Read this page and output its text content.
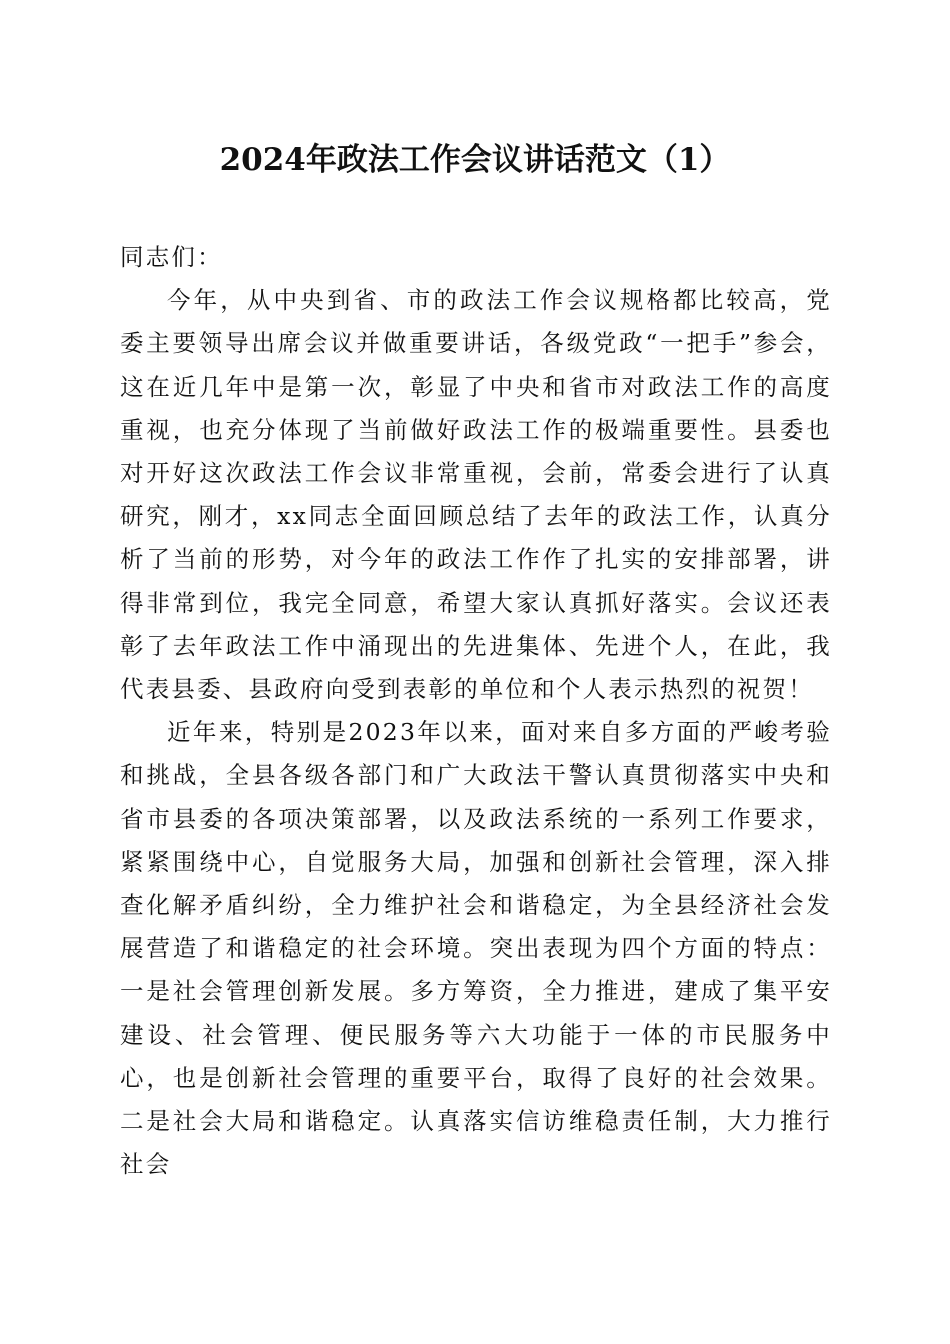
2024年政法工作会议讲话范文（1）

同志们：

今年，从中央到省、市的政法工作会议规格都比较高，党委主要领导出席会议并做重要讲话，各级党政“一把手”参会，这在近几年中是第一次，彰显了中央和省市对政法工作的高度重视，也充分体现了当前做好政法工作的极端重要性。县委也对开好这次政法工作会议非常重视，会前，常委会进行了认真研究，刚才，xx同志全面回顾总结了去年的政法工作，认真分析了当前的形势，对今年的政法工作作了扎实的安排部署，讲得非常到位，我完全同意，希望大家认真抓好落实。会议还表彰了去年政法工作中涌现出的先进集体、先进个人，在此，我代表县委、县政府向受到表彰的单位和个人表示热烈的祝贺！

近年来，特别是2023年以来，面对来自多方面的严峻考验和挑战，全县各级各部门和广大政法干警认真贯彻落实中央和省市县委的各项决策部署，以及政法系统的一系列工作要求，紧紧围绕中心，自觉服务大局，加强和创新社会管理，深入排查化解矛盾纠纷，全力维护社会和谐稳定，为全县经济社会发展营造了和谐稳定的社会环境。突出表现为四个方面的特点：一是社会管理创新发展。多方筹资，全力推进，建成了集平安建设、社会管理、便民服务等六大功能于一体的市民服务中心，也是创新社会管理的重要平台，取得了良好的社会效果。二是社会大局和谐稳定。认真落实信访维稳责任制，大力推行社会
